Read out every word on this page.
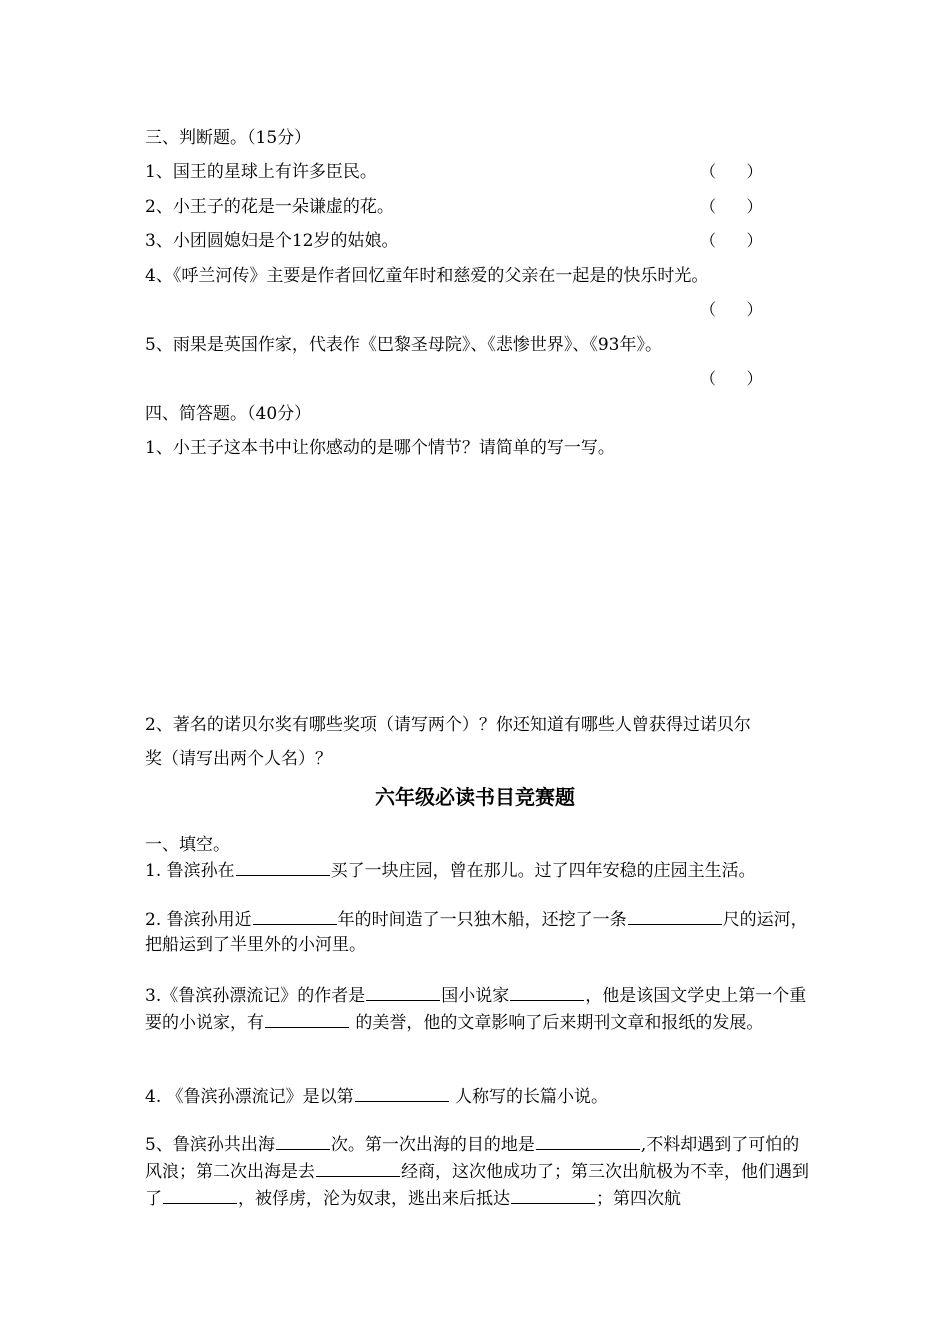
三、判断题。（15分）

1、国王的星球上有许多臣民。	（      ）

2、小王子的花是一朵谦虚的花。	（      ）

3、小团圆媳妇是个12岁的姑娘。	（      ）

4、《呼兰河传》主要是作者回忆童年时和慈爱的父亲在一起是的快乐时光。

（      ）

5、雨果是英国作家，代表作《巴黎圣母院》、《悲惨世界》、《93年》。

（      ）

四、简答题。（40分）

1、小王子这本书中让你感动的是哪个情节？请简单的写一写。

2、著名的诺贝尔奖有哪些奖项（请写两个）？你还知道有哪些人曾获得过诺贝尔

奖（请写出两个人名）？

六年级必读书目竞赛题

一、填空。

1. 鲁滨孙在	买了一块庄园，曾在那儿。过了四年安稳的庄园主生活。

2. 鲁滨孙用近	年的时间造了一只独木船，还挖了一条	尺的运河，把船运到了半里外的小河里。

3.《鲁滨孙漂流记》的作者是	国小说家	，他是该国文学史上第一个重要的小说家，有	的美誉，他的文章影响了后来期刊文章和报纸的发展。

4. 《鲁滨孙漂流记》是以第	人称写的长篇小说。

5、鲁滨孙共出海	次。第一次出海的目的地是	,不料却遇到了可怕的风浪；第二次出海是去	经商，这次他成功了；第三次出航极为不幸，他们遇到了	，被俘虏，沦为奴隶，逃出来后抵达	；第四次航
